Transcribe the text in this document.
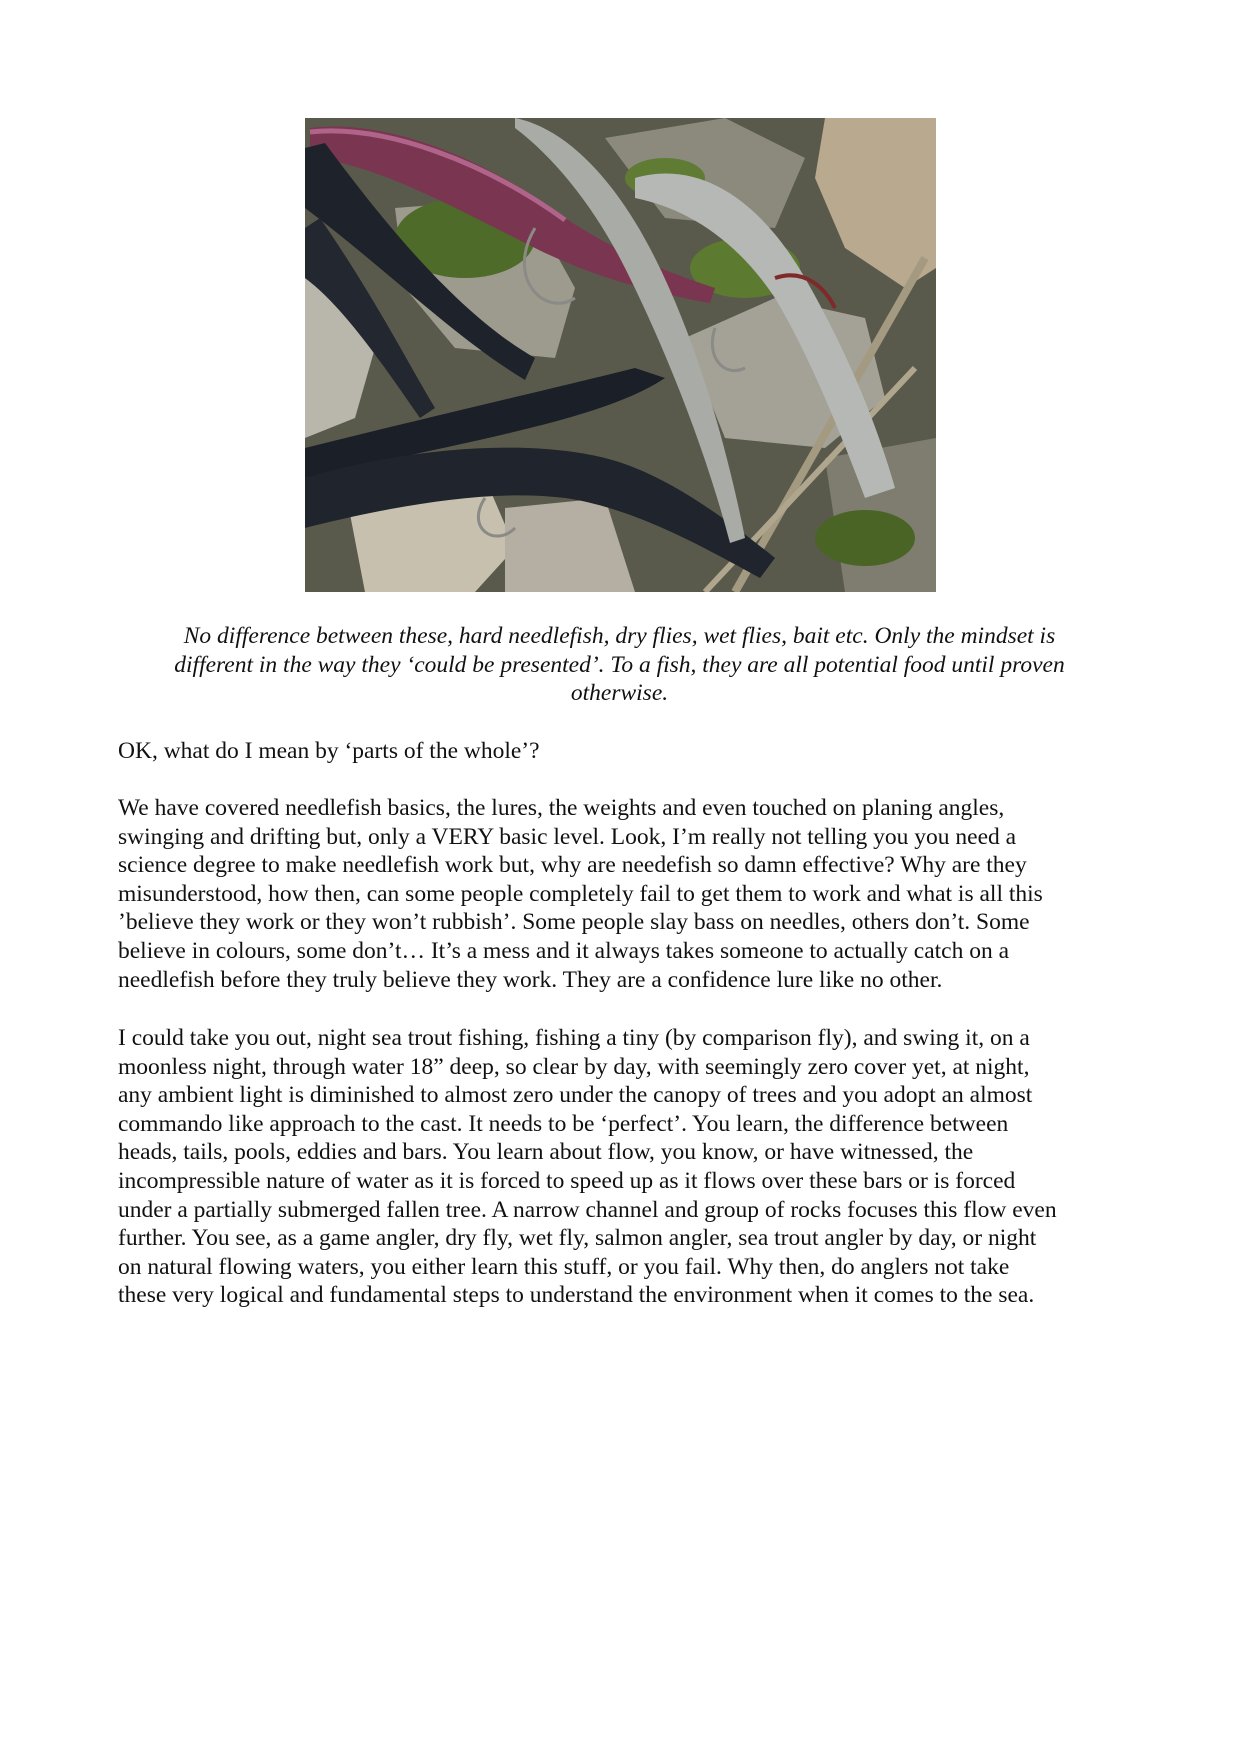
No difference between these, hard needlefish, dry flies, wet flies, bait etc. Only the mindset is
different in the way they ‘could be presented’. To a fish, they are all potential food until proven
otherwise.

OK, what do I mean by ‘parts of the whole’?

We have covered needlefish basics, the lures, the weights and even touched on planing angles,
swinging and drifting but, only a VERY basic level. Look, I’m really not telling you you need a
science degree to make needlefish work but, why are needefish so damn effective? Why are they
misunderstood, how then, can some people completely fail to get them to work and what is all this
’believe they work or they won’t rubbish’. Some people slay bass on needles, others don’t. Some
believe in colours, some don’t… It’s a mess and it always takes someone to actually catch on a
needlefish before they truly believe they work. They are a confidence lure like no other.

I could take you out, night sea trout fishing, fishing a tiny (by comparison fly), and swing it, on a
moonless night, through water 18” deep, so clear by day, with seemingly zero cover yet, at night,
any ambient light is diminished to almost zero under the canopy of trees and you adopt an almost
commando like approach to the cast. It needs to be ‘perfect’. You learn, the difference between
heads, tails, pools, eddies and bars. You learn about flow, you know, or have witnessed, the
incompressible nature of water as it is forced to speed up as it flows over these bars or is forced
under a partially submerged fallen tree. A narrow channel and group of rocks focuses this flow even
further. You see, as a game angler, dry fly, wet fly, salmon angler, sea trout angler by day, or night
on natural flowing waters, you either learn this stuff, or you fail. Why then, do anglers not take
these very logical and fundamental steps to understand the environment when it comes to the sea.
